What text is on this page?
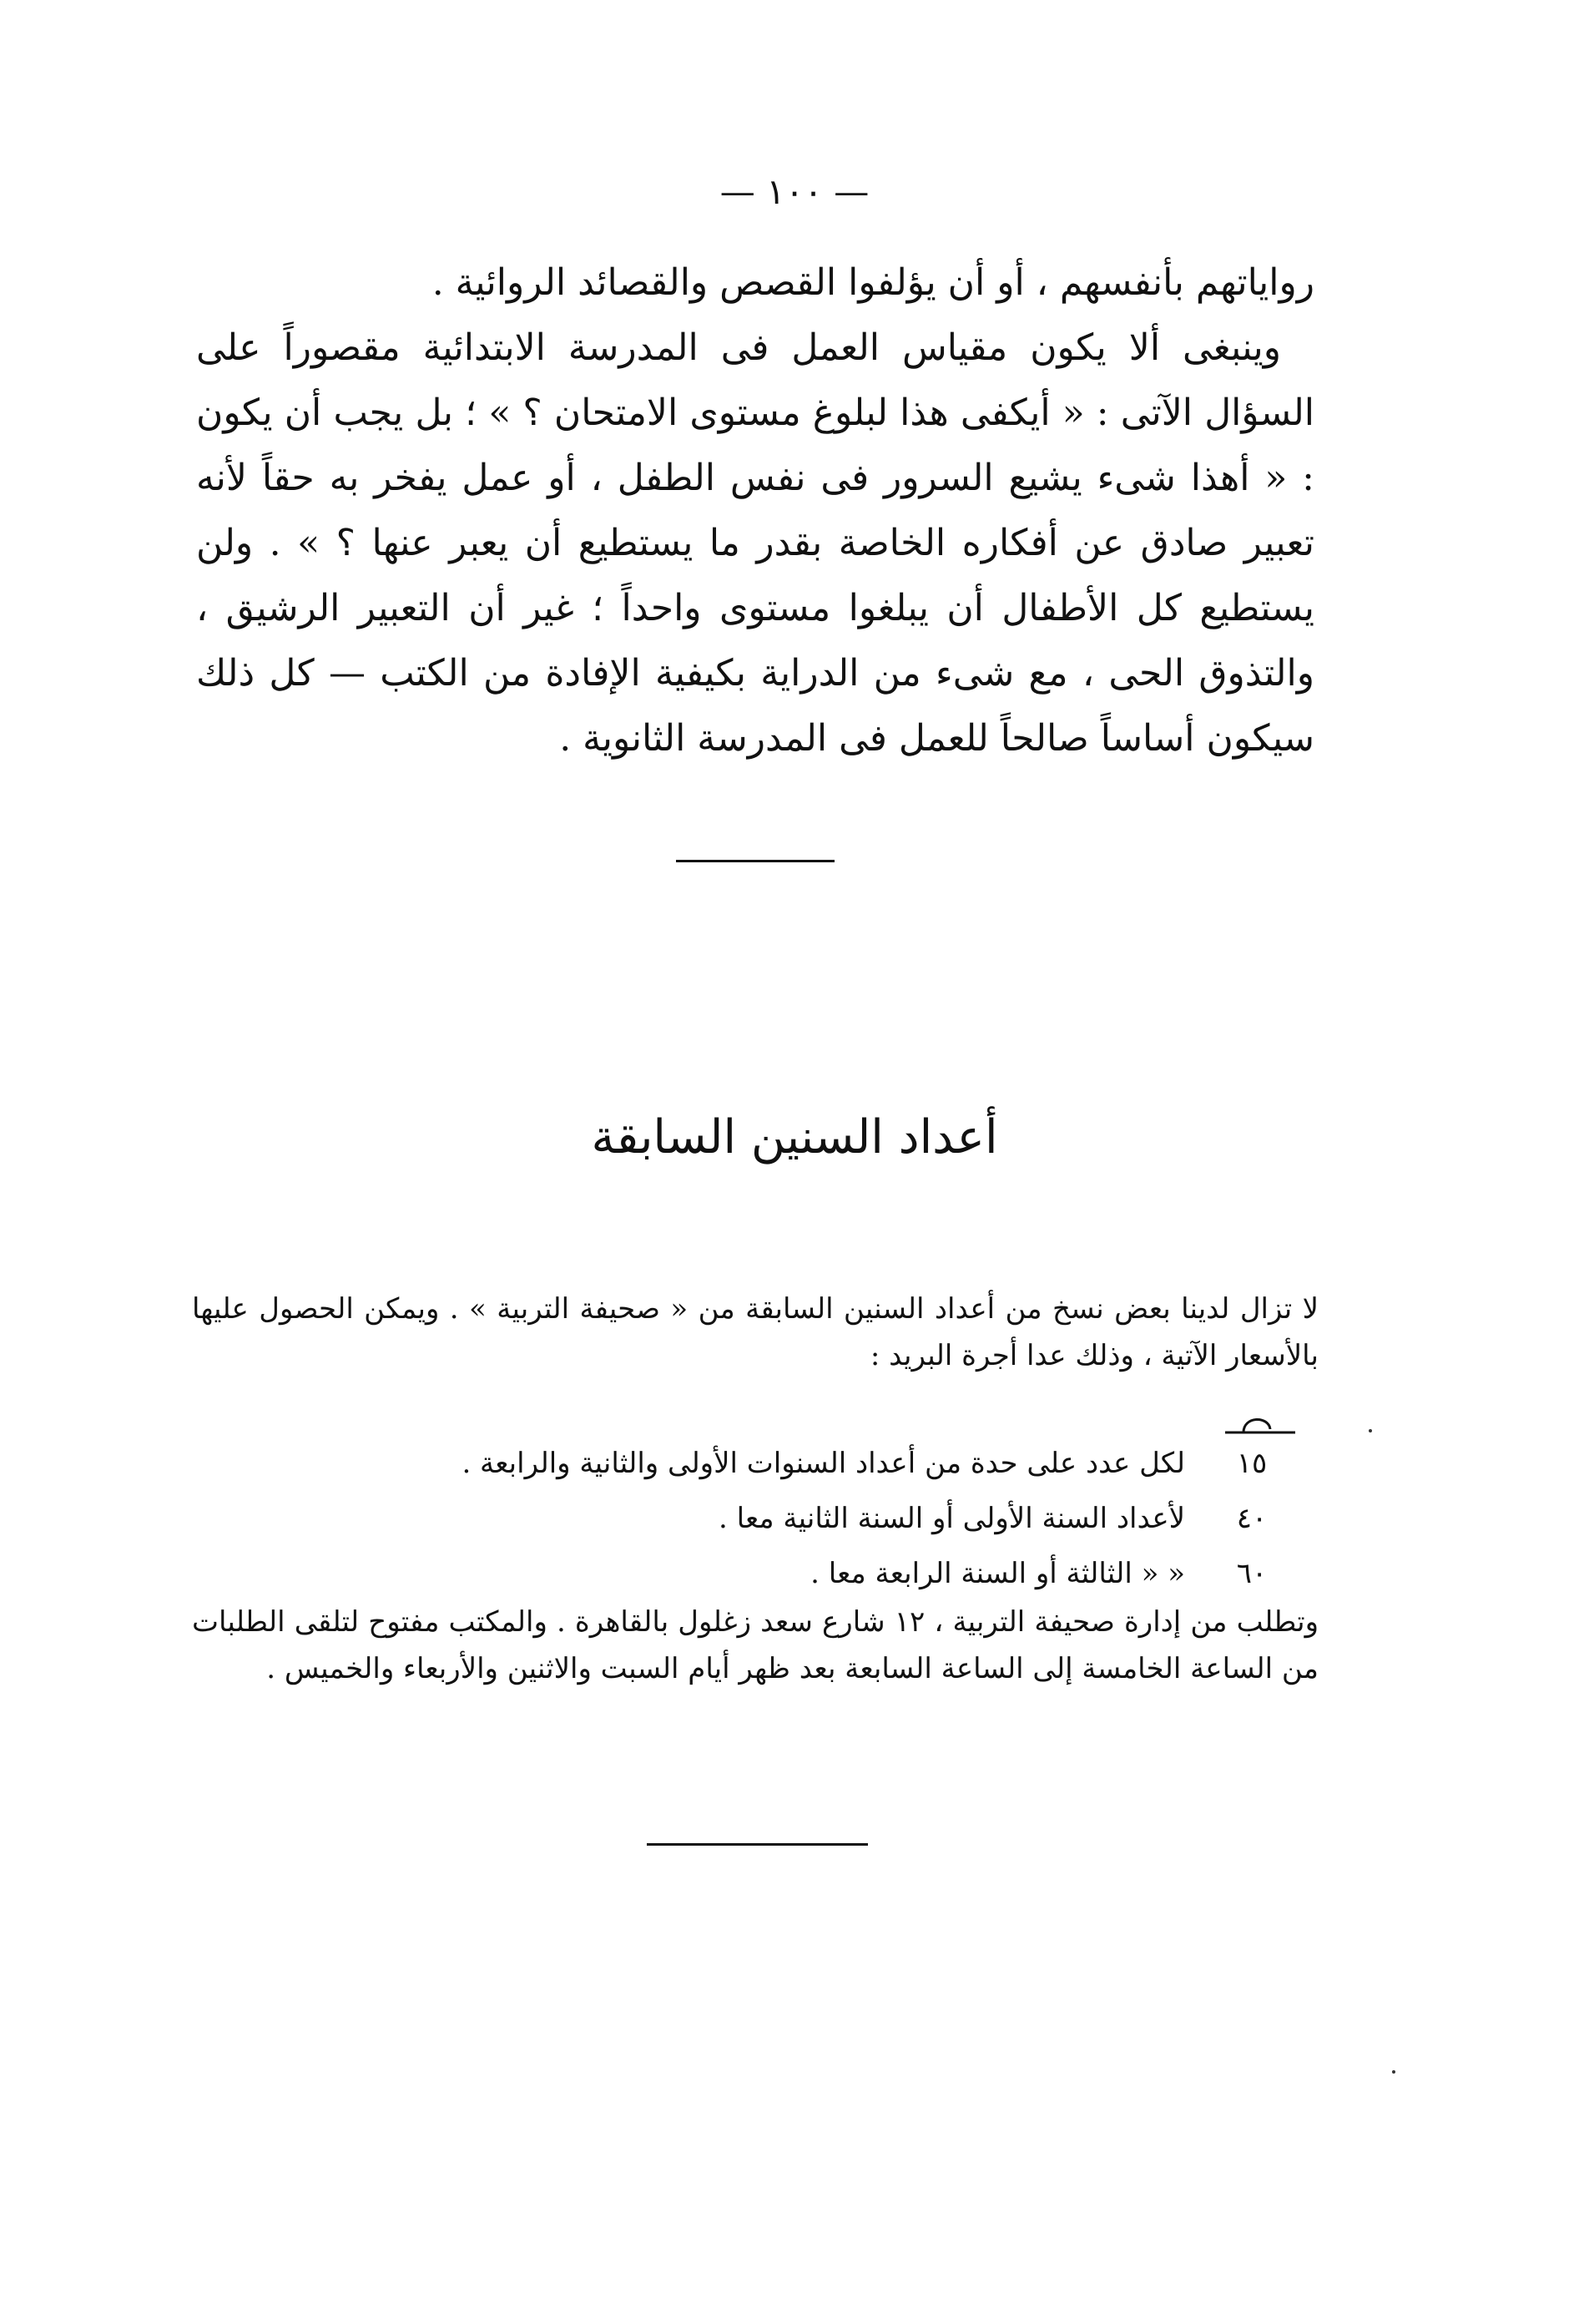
— ١٠٠ —

رواياتهم بأنفسهم ، أو أن يؤلفوا القصص والقصائد الروائية .

وينبغى ألا يكون مقياس العمل فى المدرسة الابتدائية مقصوراً على السؤال الآتى : « أيكفى هذا لبلوغ مستوى الامتحان ؟ » ؛ بل يجب أن يكون : « أهذا شىء يشيع السرور فى نفس الطفل ، أو عمل يفخر به حقاً لأنه تعبير صادق عن أفكاره الخاصة بقدر ما يستطيع أن يعبر عنها ؟ » . ولن يستطيع كل الأطفال أن يبلغوا مستوى واحداً ؛ غير أن التعبير الرشيق ، والتذوق الحى ، مع شىء من الدراية بكيفية الإفادة من الكتب — كل ذلك سيكون أساساً صالحاً للعمل فى المدرسة الثانوية .

أعداد السنين السابقة

لا تزال لدينا بعض نسخ من أعداد السنين السابقة من « صحيفة التربية » . ويمكن الحصول عليها بالأسعار الآتية ، وذلك عدا أجرة البريد :

١٥
لكل عدد على حدة من أعداد السنوات الأولى والثانية والرابعة .
٤٠
لأعداد السنة الأولى أو السنة الثانية معا .
٦٠
« « الثالثة أو السنة الرابعة معا .

وتطلب من إدارة صحيفة التربية ، ١٢ شارع سعد زغلول بالقاهرة . والمكتب مفتوح لتلقى الطلبات من الساعة الخامسة إلى الساعة السابعة بعد ظهر أيام السبت والاثنين والأربعاء والخميس .
